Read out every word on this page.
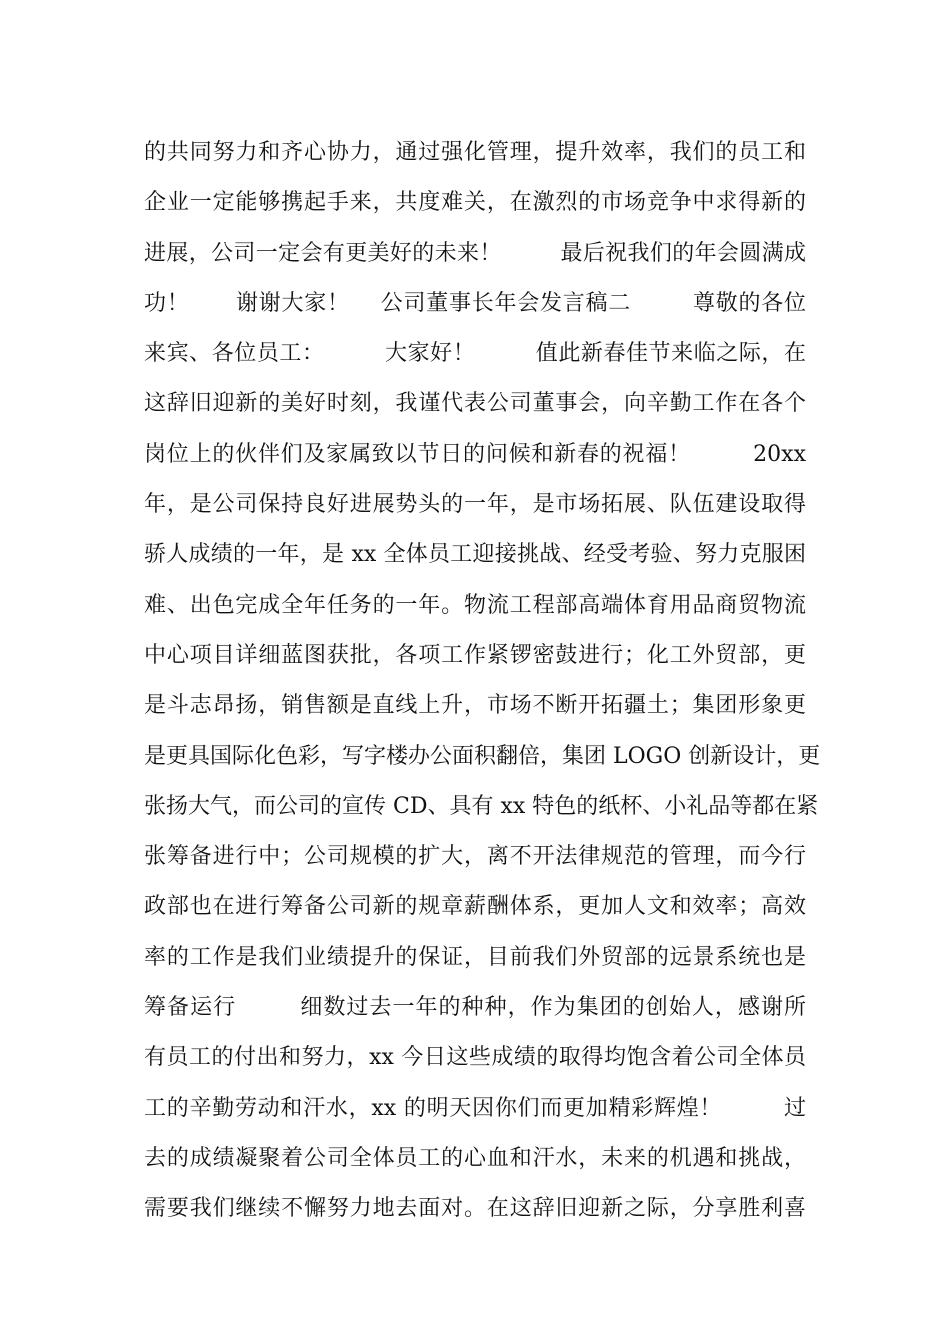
的共同努力和齐心协力，通过强化管理，提升效率，我们的员工和
企业一定能够携起手来，共度难关，在激烈的市场竞争中求得新的
进展，公司一定会有更美好的未来！        最后祝我们的年会圆满成
功！      谢谢大家！    公司董事长年会发言稿二        尊敬的各位
来宾、各位员工：        大家好！        值此新春佳节来临之际，在
这辞旧迎新的美好时刻，我谨代表公司董事会，向辛勤工作在各个
岗位上的伙伴们及家属致以节日的问候和新春的祝福！        20xx
年，是公司保持良好进展势头的一年，是市场拓展、队伍建设取得
骄人成绩的一年，是 xx 全体员工迎接挑战、经受考验、努力克服困
难、出色完成全年任务的一年。物流工程部高端体育用品商贸物流
中心项目详细蓝图获批，各项工作紧锣密鼓进行；化工外贸部，更
是斗志昂扬，销售额是直线上升，市场不断开拓疆土；集团形象更
是更具国际化色彩，写字楼办公面积翻倍，集团 LOGO 创新设计，更
张扬大气，而公司的宣传 CD、具有 xx 特色的纸杯、小礼品等都在紧
张筹备进行中；公司规模的扩大，离不开法律规范的管理，而今行
政部也在进行筹备公司新的规章薪酬体系，更加人文和效率；高效
率的工作是我们业绩提升的保证，目前我们外贸部的远景系统也是
筹备运行        细数过去一年的种种，作为集团的创始人，感谢所
有员工的付出和努力，xx 今日这些成绩的取得均饱含着公司全体员
工的辛勤劳动和汗水，xx 的明天因你们而更加精彩辉煌！        过
去的成绩凝聚着公司全体员工的心血和汗水，未来的机遇和挑战，
需要我们继续不懈努力地去面对。在这辞旧迎新之际，分享胜利喜
